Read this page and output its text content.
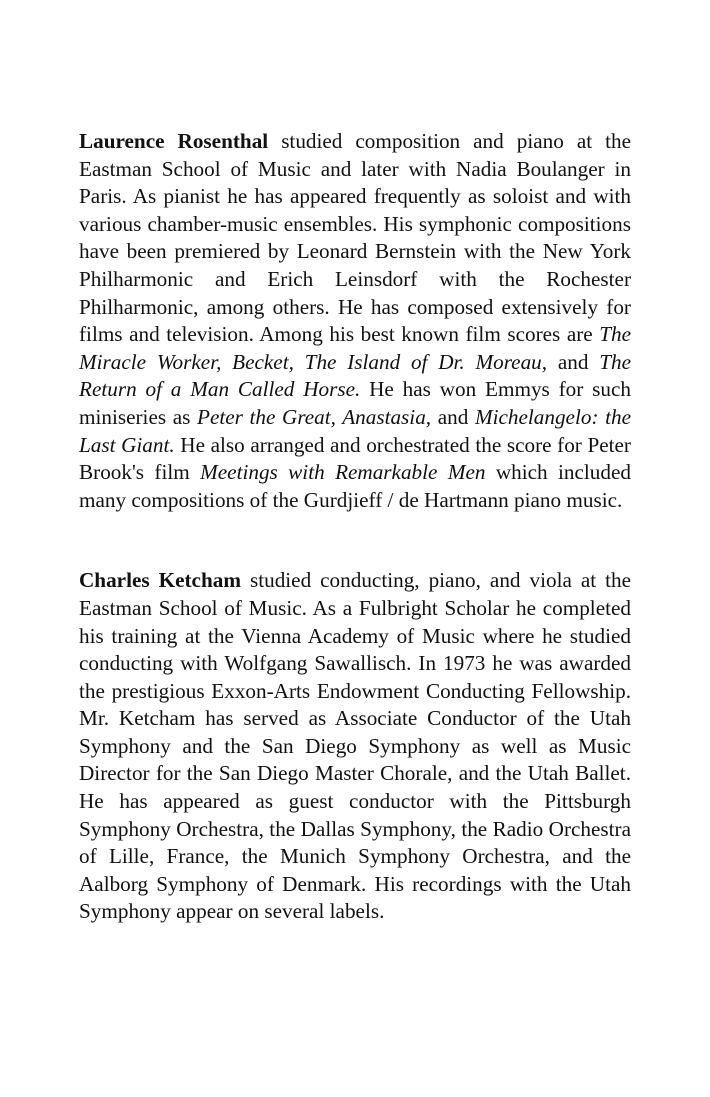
Laurence Rosenthal studied composition and piano at the Eastman School of Music and later with Nadia Boulanger in Paris. As pianist he has appeared frequently as soloist and with various chamber-music ensembles. His symphonic compositions have been premiered by Leonard Bernstein with the New York Philharmonic and Erich Leinsdorf with the Rochester Philharmonic, among others. He has composed extensively for films and television. Among his best known film scores are The Miracle Worker, Becket, The Island of Dr. Moreau, and The Return of a Man Called Horse. He has won Emmys for such miniseries as Peter the Great, Anastasia, and Michelangelo: the Last Giant. He also arranged and orchestrated the score for Peter Brook's film Meetings with Remarkable Men which included many compositions of the Gurdjieff / de Hartmann piano music.

Charles Ketcham studied conducting, piano, and viola at the Eastman School of Music. As a Fulbright Scholar he completed his training at the Vienna Academy of Music where he studied conducting with Wolfgang Sawallisch. In 1973 he was awarded the prestigious Exxon-Arts Endowment Conducting Fellowship. Mr. Ketcham has served as Associate Conductor of the Utah Symphony and the San Diego Symphony as well as Music Director for the San Diego Master Chorale, and the Utah Ballet. He has appeared as guest conductor with the Pittsburgh Symphony Orchestra, the Dallas Symphony, the Radio Orchestra of Lille, France, the Munich Symphony Orchestra, and the Aalborg Symphony of Denmark. His recordings with the Utah Symphony appear on several labels.
